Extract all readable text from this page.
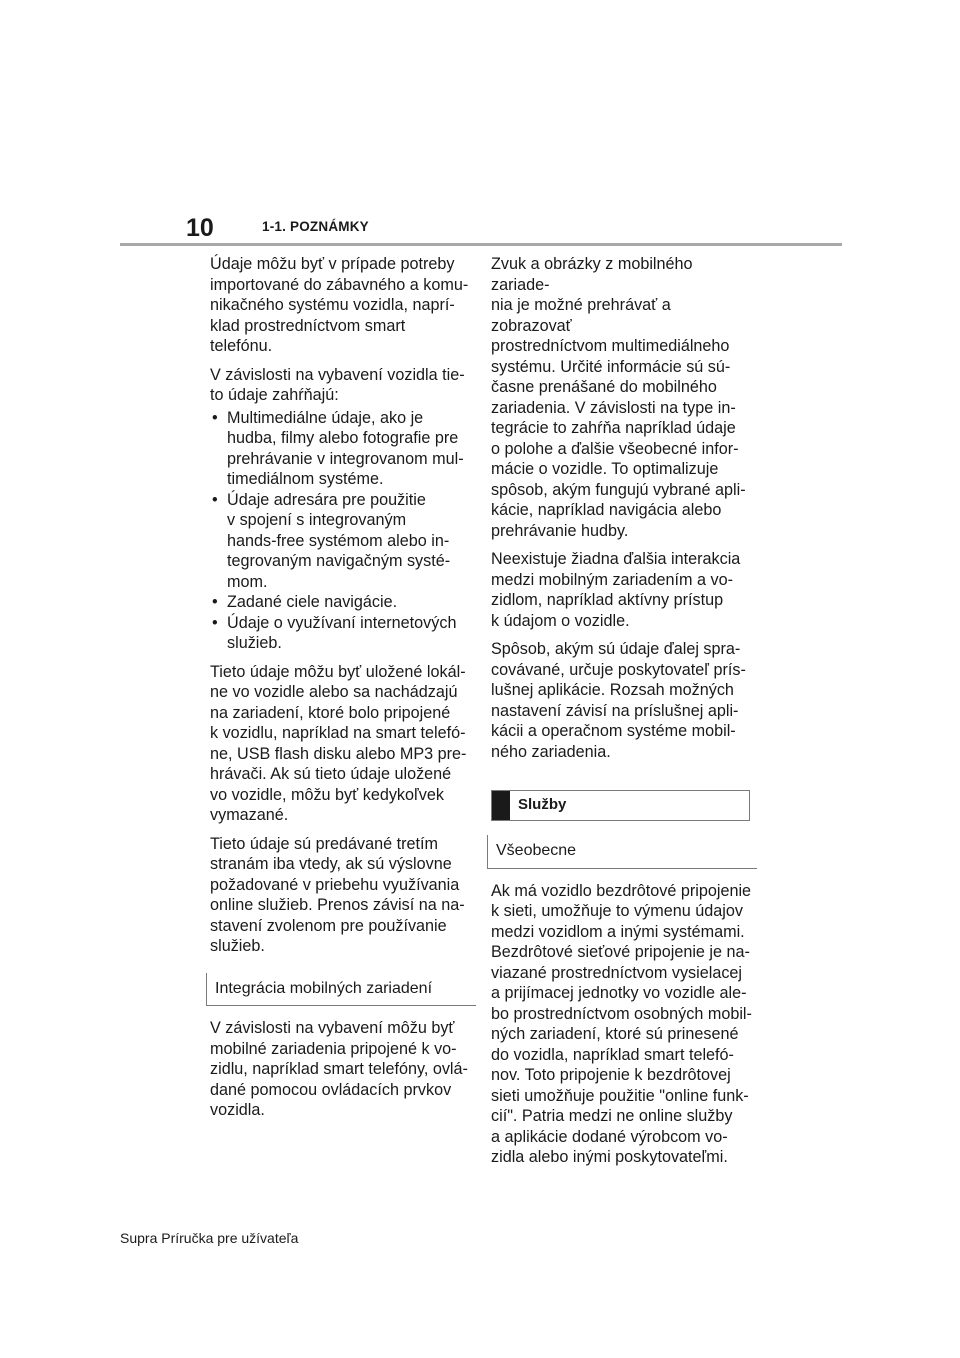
10	1-1. POZNÁMKY

Údaje môžu byť v prípade potreby
importované do zábavného a komu-
nikačného systému vozidla, naprí-
klad prostredníctvom smart
telefónu.

V závislosti na vybavení vozidla tie-
to údaje zahŕňajú:

• Multimediálne údaje, ako je
hudba, filmy alebo fotografie pre
prehrávanie v integrovanom mul-
timediálnom systéme.
• Údaje adresára pre použitie
v spojení s integrovaným
hands-free systémom alebo in-
tegrovaným navigačným systé-
mom.
• Zadané ciele navigácie.
• Údaje o využívaní internetových
služieb.

Tieto údaje môžu byť uložené lokál-
ne vo vozidle alebo sa nachádzajú
na zariadení, ktoré bolo pripojené
k vozidlu, napríklad na smart telefó-
ne, USB flash disku alebo MP3 pre-
hrávači. Ak sú tieto údaje uložené
vo vozidle, môžu byť kedykoľvek
vymazané.

Tieto údaje sú predávané tretím
stranám iba vtedy, ak sú výslovne
požadované v priebehu využívania
online služieb. Prenos závisí na na-
stavení zvolenom pre používanie
služieb.

Integrácia mobilných zariadení

V závislosti na vybavení môžu byť
mobilné zariadenia pripojené k vo-
zidlu, napríklad smart telefóny, ovlá-
dané pomocou ovládacích prvkov
vozidla.

Zvuk a obrázky z mobilného zariade-
nia je možné prehrávať a zobrazovať
prostredníctvom multimediálneho
systému. Určité informácie sú sú-
časne prenášané do mobilného
zariadenia. V závislosti na type in-
tegrácie to zahŕňa napríklad údaje
o polohe a ďalšie všeobecné infor-
mácie o vozidle. To optimalizuje
spôsob, akým fungujú vybrané apli-
kácie, napríklad navigácia alebo
prehrávanie hudby.

Neexistuje žiadna ďalšia interakcia
medzi mobilným zariadením a vo-
zidlom, napríklad aktívny prístup
k údajom o vozidle.

Spôsob, akým sú údaje ďalej spra-
covávané, určuje poskytovateľ prís-
lušnej aplikácie. Rozsah možných
nastavení závisí na príslušnej apli-
kácii a operačnom systéme mobil-
ného zariadenia.

Služby
Všeobecne

Ak má vozidlo bezdrôtové pripojenie
k sieti, umožňuje to výmenu údajov
medzi vozidlom a inými systémami.
Bezdrôtové sieťové pripojenie je na-
viazané prostredníctvom vysielacej
a prijímacej jednotky vo vozidle ale-
bo prostredníctvom osobných mobil-
ných zariadení, ktoré sú prinesené
do vozidla, napríklad smart telefó-
nov. Toto pripojenie k bezdrôtovej
sieti umožňuje použitie "online funk-
cií". Patria medzi ne online služby
a aplikácie dodané výrobcom vo-
zidla alebo inými poskytovateľmi.

Supra Príručka pre užívateľa
